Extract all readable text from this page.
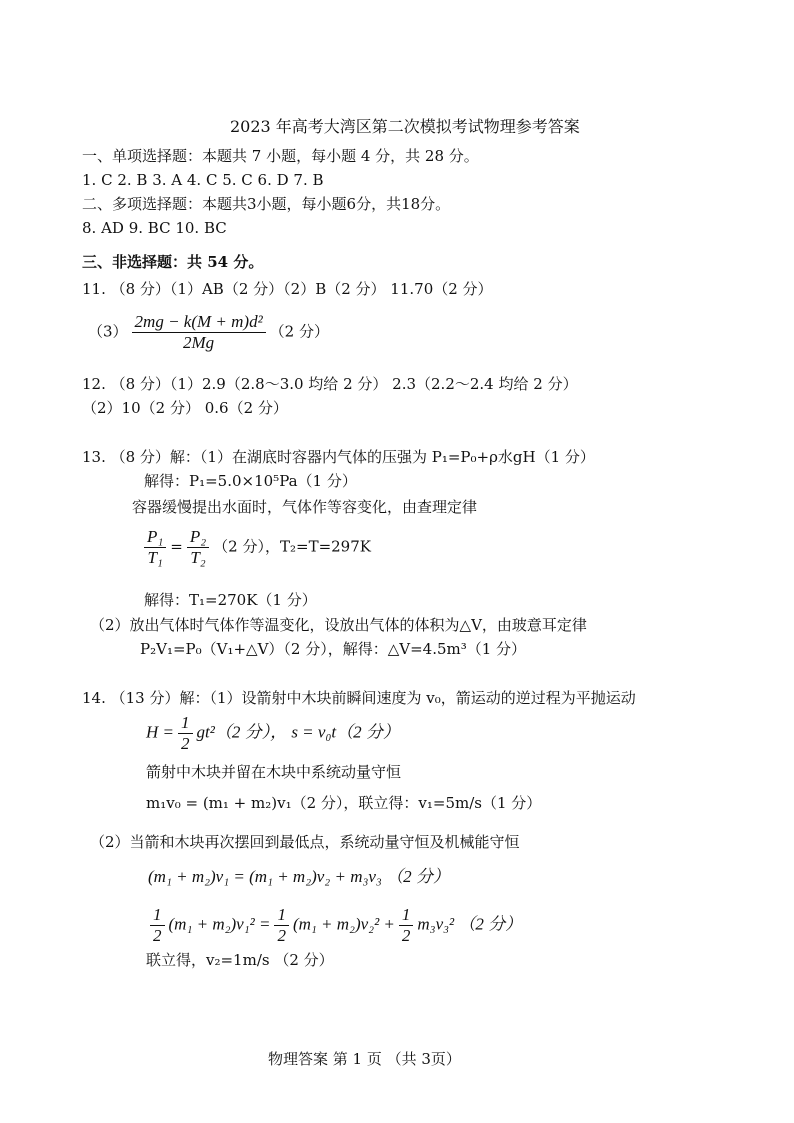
2023 年高考大湾区第二次模拟考试物理参考答案
一、单项选择题：本题共 7 小题，每小题 4 分，共 28 分。
1. C 2. B 3. A 4. C 5. C 6. D 7. B
二、多项选择题：本题共3小题，每小题6分，共18分。
8. AD 9. BC 10. BC
三、非选择题：共 54 分。
11. （8 分）（1）AB（2 分）（2）B（2 分） 11.70（2 分）
$(3) \frac{\text{2mg − k(M + m)d²}}{2Mg} (2$ 分）
12. （8 分）（1）2.9（2.8～3.0 均给 2 分） 2.3（2.2～2.4 均给 2 分）
（2）10（2 分） 0.6（2 分）
13. （8 分）解：（1）在湖底时容器内气体的压强为 P₁=P₀+ρ水gH（1 分）
解得：P₁=5.0×10⁵Pa（1 分）
容器缓慢提出水面时，气体作等容变化，由查理定律
$\frac{\text{P₁}}{\text{T₁}} = \frac{\text{P₂}}{\text{T₂}} (2$ 分），T₂=T=297K
解得：T₁=270K（1 分）
（2）放出气体时气体作等温变化，设放出气体的体积为△V，由玻意耳定律
P₂V₁=P₀（V₁+△V）（2 分），解得：△V=4.5m³（1 分）
14. （13 分）解：（1）设箭射中木块前瞬间速度为 v₀，箭运动的逆过程为平抛运动
$H = \frac{1}{2} gt^2(2$ 分）， s = v₀t（2 分）
箭射中木块并留在木块中系统动量守恒
m₁v₀ = (m₁ + m₂)v₁（2 分），联立得：v₁=5m/s（1 分）
（2）当箭和木块再次摆回到最低点，系统动量守恒及机械能守恒
(m₁ + m₂)v₁ = (m₁ + m₂)v₂ + m₃v₃ （2 分）
$\frac{1}{2} (m_1 + m_2)v_1^2 = \frac{1}{2} (m_1 + m_2)v_2^2 + \frac{1}{2} m_3v_3^2$ （2 分）
联立得，v₂=1m/s （2 分）
物理答案 第 1 页 （共 3页）
